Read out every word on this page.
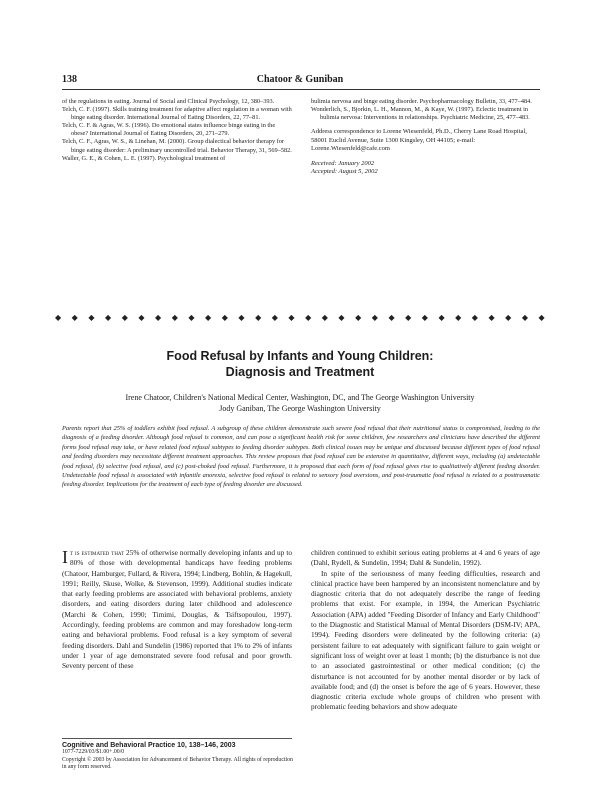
138	Chatoor & Guniban

of the regulations in eating. Journal of Social and Clinical Psychology, 12, 380–393.

Telch, C. F. (1997). Skills training treatment for adaptive affect regulation in a woman with binge eating disorder. International Journal of Eating Disorders, 22, 77–81.

Telch, C. F. & Agras, W. S. (1996). Do emotional states influence binge eating in the obese? International Journal of Eating Disorders, 20, 271–279.

Telch, C. F., Agras, W. S., & Linehan, M. (2000). Group dialectical behavior therapy for binge eating disorder: A preliminary uncontrolled trial. Behavior Therapy, 31, 569–582.

Waller, G. E., & Cohen, L. E. (1997). Psychological treatment of

bulimia nervosa and binge eating disorder. Psychopharmacology Bulletin, 33, 477–484.

Wonderlich, S., Bjorkin, L. H., Mannon, M., & Kaye, W. (1997). Eclectic treatment in bulimia nervosa: Interventions in relationships. Psychiatric Medicine, 25, 477–483.

Address correspondence to Lorene Wiesenfeld, Ph.D., Cherry Lane Road Hospital, 58001 Euclid Avenue, Suite 1300 Kingsley, OH 44105; e-mail: Lorene.Wiesenfeld@cafe.com

Received: January 2002

Accepted: August 5, 2002

◆ ◆ ◆ ◆ ◆ ◆ ◆ ◆ ◆ ◆ ◆ ◆ ◆ ◆ ◆ ◆ ◆ ◆ ◆ ◆ ◆ ◆ ◆ ◆ ◆ ◆ ◆ ◆ ◆ ◆
Food Refusal by Infants and Young Children:
Diagnosis and Treatment
Irene Chatoor, Children's National Medical Center, Washington, DC, and The George Washington University
Jody Ganiban, The George Washington University
Parents report that 25% of toddlers exhibit food refusal. A subgroup of these children demonstrate such severe food refusal that their nutritional status is compromised, leading to the diagnosis of a feeding disorder. Although food refusal is common, and can pose a significant health risk for some children, few researchers and clinicians have described the different forms food refusal may take, or have related food refusal subtypes to feeding disorder subtypes. Both clinical issues may be unique and discussed because different types of food refusal and feeding disorders may necessitate different treatment approaches. This review proposes that food refusal can be extensive in quantitative, different ways, including (a) undetectable food refusal, (b) selective food refusal, and (c) post-choked food refusal. Furthermore, it is proposed that each form of food refusal gives rise to qualitatively different feeding disorder. Undetectable food refusal is associated with infantile anorexia, selective food refusal is related to sensory food aversions, and post-traumatic food refusal is related to a posttraumatic feeding disorder. Implications for the treatment of each type of feeding disorder are discussed.
It is estimated that 25% of otherwise normally developing infants and up to 80% of those with developmental handicaps have feeding problems (Chatoor, Hamburger, Fullard, & Rivera, 1994; Lindberg, Bohlin, & Hagekull, 1991; Reilly, Skuse, Wolke, & Stevenson, 1999). Additional studies indicate that early feeding problems are associated with behavioral problems, anxiety disorders, and eating disorders during later childhood and adolescence (Marchi & Cohen, 1990; Timimi, Douglas, & Tsiftsopoulou, 1997). Accordingly, feeding problems are common and may foreshadow long-term eating and behavioral problems. Food refusal is a key symptom of several feeding disorders. Dahl and Sundelin (1986) reported that 1% to 2% of infants under 1 year of age demonstrated severe food refusal and poor growth. Seventy percent of these
Cognitive and Behavioral Practice 10, 138–146, 2003
1077-7229/03/$1.00+.00/0
Copyright © 2003 by Association for Advancement of Behavior Therapy. All rights of reproduction in any form reserved.

children continued to exhibit serious eating problems at 4 and 6 years of age (Dahl, Rydell, & Sundelin, 1994; Dahl & Sundelin, 1992).

In spite of the seriousness of many feeding difficulties, research and clinical practice have been hampered by an inconsistent nomenclature and by diagnostic criteria that do not adequately describe the range of feeding problems that exist. For example, in 1994, the American Psychiatric Association (APA) added "Feeding Disorder of Infancy and Early Childhood" to the Diagnostic and Statistical Manual of Mental Disorders (DSM-IV; APA, 1994). Feeding disorders were delineated by the following criteria: (a) persistent failure to eat adequately with significant failure to gain weight or significant loss of weight over at least 1 month; (b) the disturbance is not due to an associated gastrointestinal or other medical condition; (c) the disturbance is not accounted for by another mental disorder or by lack of available food; and (d) the onset is before the age of 6 years. However, these diagnostic criteria exclude whole groups of children who present with problematic feeding behaviors and show adequate
